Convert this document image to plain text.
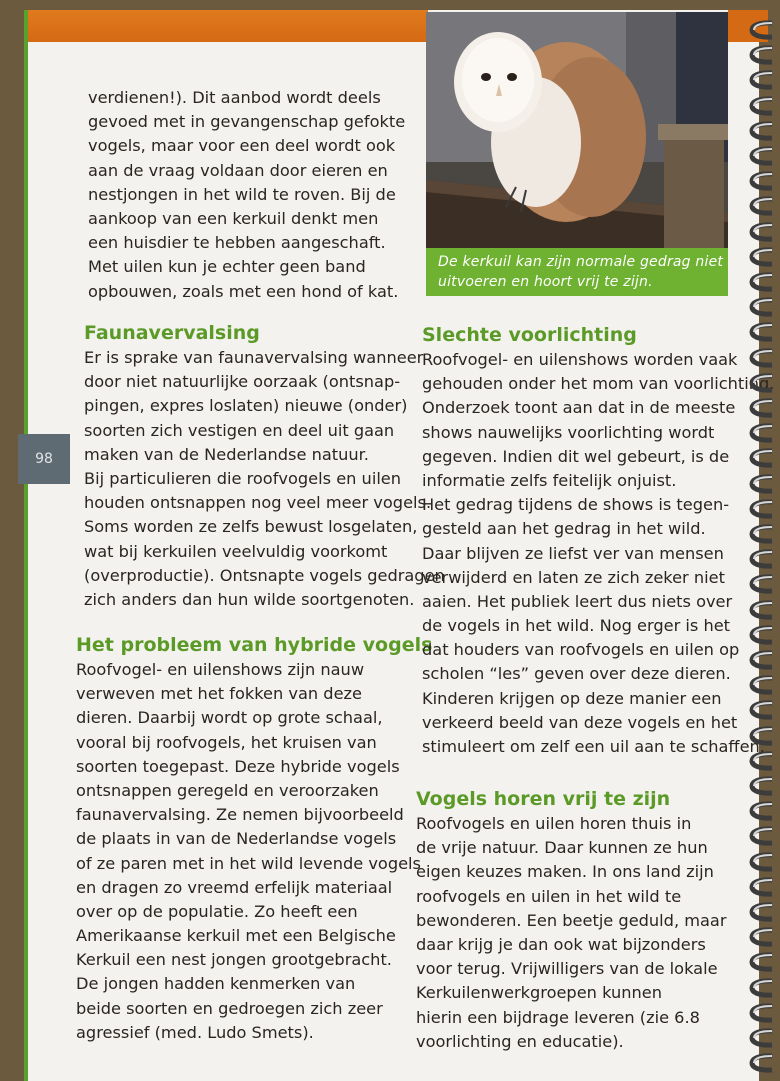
De kerkuil kan zijn normale gedrag niet
uitvoeren en hoort vrij te zijn.
98
verdienen!). Dit aanbod wordt deels
gevoed met in gevangenschap gefokte
vogels, maar voor een deel wordt ook
aan de vraag voldaan door eieren en
nestjongen in het wild te roven. Bij de
aankoop van een kerkuil denkt men
een huisdier te hebben aangeschaft.
Met uilen kun je echter geen band
opbouwen, zoals met een hond of kat.
Faunavervalsing
Er is sprake van faunavervalsing wanneer
door niet natuurlijke oorzaak (ontsnap-
pingen, expres loslaten) nieuwe (onder)
soorten zich vestigen en deel uit gaan
maken van de Nederlandse natuur.
Bij particulieren die roofvogels en uilen
houden ontsnappen nog veel meer vogels.
Soms worden ze zelfs bewust losgelaten,
wat bij kerkuilen veelvuldig voorkomt
(overproductie). Ontsnapte vogels gedragen
zich anders dan hun wilde soortgenoten.
Het probleem van hybride vogels
Roofvogel- en uilenshows zijn nauw
verweven met het fokken van deze
dieren. Daarbij wordt op grote schaal,
vooral bij roofvogels, het kruisen van
soorten toegepast. Deze hybride vogels
ontsnappen geregeld en veroorzaken
faunavervalsing. Ze nemen bijvoorbeeld
de plaats in van de Nederlandse vogels
of ze paren met in het wild levende vogels
en dragen zo vreemd erfelijk materiaal
over op de populatie. Zo heeft een
Amerikaanse kerkuil met een Belgische
Kerkuil een nest jongen grootgebracht.
De jongen hadden kenmerken van
beide soorten en gedroegen zich zeer
agressief (med. Ludo Smets).
Slechte voorlichting
Roofvogel- en uilenshows worden vaak
gehouden onder het mom van voorlichting.
Onderzoek toont aan dat in de meeste
shows nauwelijks voorlichting wordt
gegeven. Indien dit wel gebeurt, is de
informatie zelfs feitelijk onjuist.
Het gedrag tijdens de shows is tegen-
gesteld aan het gedrag in het wild.
Daar blijven ze liefst ver van mensen
verwijderd en laten ze zich zeker niet
aaien. Het publiek leert dus niets over
de vogels in het wild. Nog erger is het
dat houders van roofvogels en uilen op
scholen “les” geven over deze dieren.
Kinderen krijgen op deze manier een
verkeerd beeld van deze vogels en het
stimuleert om zelf een uil aan te schaffen.
Vogels horen vrij te zijn
Roofvogels en uilen horen thuis in
de vrije natuur. Daar kunnen ze hun
eigen keuzes maken. In ons land zijn
roofvogels en uilen in het wild te
bewonderen. Een beetje geduld, maar
daar krijg je dan ook wat bijzonders
voor terug. Vrijwilligers van de lokale
Kerkuilenwerkgroepen kunnen
hierin een bijdrage leveren (zie 6.8
voorlichting en educatie).
